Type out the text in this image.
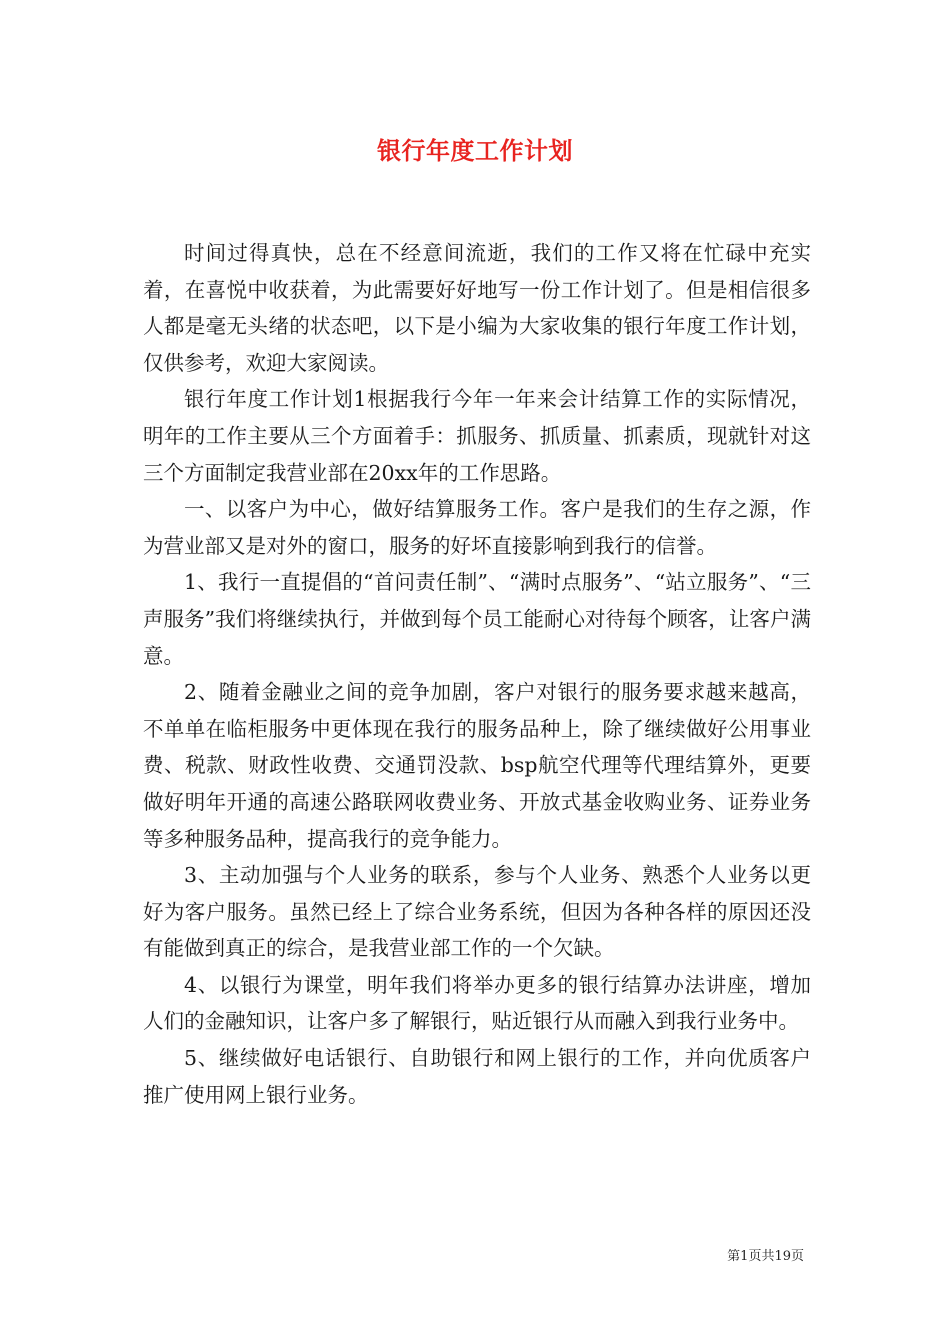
银行年度工作计划

时间过得真快，总在不经意间流逝，我们的工作又将在忙碌中充实着，在喜悦中收获着，为此需要好好地写一份工作计划了。但是相信很多人都是毫无头绪的状态吧，以下是小编为大家收集的银行年度工作计划，仅供参考，欢迎大家阅读。

银行年度工作计划1根据我行今年一年来会计结算工作的实际情况，明年的工作主要从三个方面着手：抓服务、抓质量、抓素质，现就针对这三个方面制定我营业部在20xx年的工作思路。

一、以客户为中心，做好结算服务工作。客户是我们的生存之源，作为营业部又是对外的窗口，服务的好坏直接影响到我行的信誉。

1、我行一直提倡的“首问责任制”、“满时点服务”、“站立服务”、“三声服务”我们将继续执行，并做到每个员工能耐心对待每个顾客，让客户满意。

2、随着金融业之间的竞争加剧，客户对银行的服务要求越来越高，不单单在临柜服务中更体现在我行的服务品种上，除了继续做好公用事业费、税款、财政性收费、交通罚没款、bsp航空代理等代理结算外，更要做好明年开通的高速公路联网收费业务、开放式基金收购业务、证券业务等多种服务品种，提高我行的竞争能力。

3、主动加强与个人业务的联系，参与个人业务、熟悉个人业务以更好为客户服务。虽然已经上了综合业务系统，但因为各种各样的原因还没有能做到真正的综合，是我营业部工作的一个欠缺。

4、以银行为课堂，明年我们将举办更多的银行结算办法讲座，增加人们的金融知识，让客户多了解银行，贴近银行从而融入到我行业务中。

5、继续做好电话银行、自助银行和网上银行的工作，并向优质客户推广使用网上银行业务。

第1页共19页
